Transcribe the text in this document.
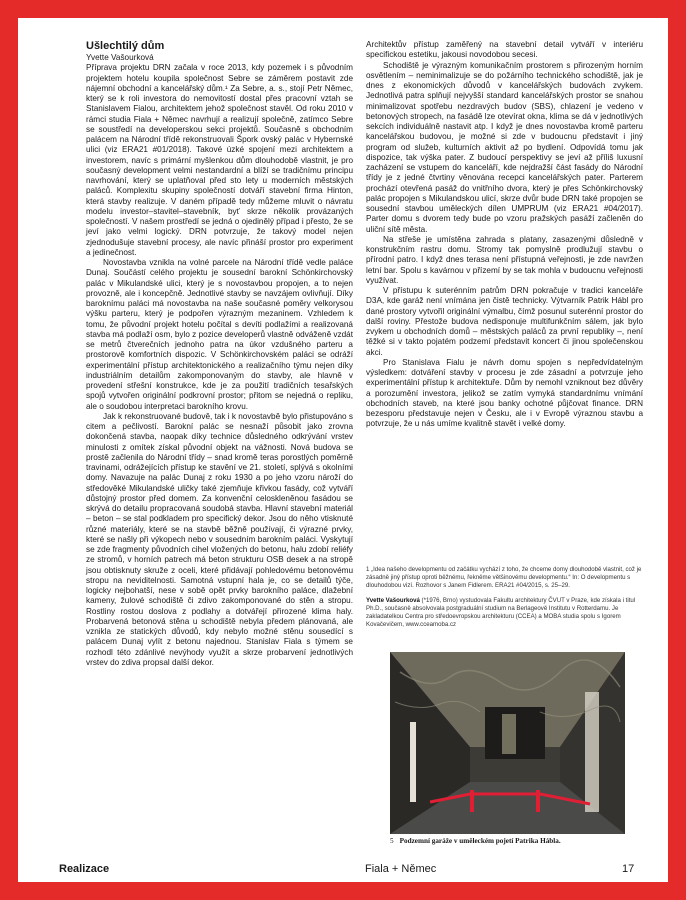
Ušlechtilý dům
Yvette Vašourková

Příprava projektu DRN začala v roce 2013, kdy pozemek i s původním projektem hotelu koupila společnost Sebre se záměrem postavit zde nájemní obchodní a kancelářský dům.¹ Za Sebre, a. s., stojí Petr Němec, který se k roli investora do nemovitostí dostal přes pracovní vztah se Stanislavem Fialou, architektem jehož společnost stavěl. Od roku 2010 v rámci studia Fiala + Němec navrhují a realizují společně, zatímco Sebre se soustředí na developerskou sekci projektů. Současně s obchodním palácem na Národní třídě rekonstruovali Špork ovský palác v Hybernské ulici (viz ERA21 #01/2018). Takové úzké spojení mezi architektem a investorem, navíc s primární myšlenkou dům dlouhodobě vlastnit, je pro současný development velmi nestandardní a blíží se tradičnímu principu navrhování, který se uplatňoval před sto lety u moderních městských paláců. Komplexitu skupiny společností dotváří stavební firma Hinton, která stavby realizuje. V daném případě tedy můžeme mluvit o návratu modelu investor–stavitel–stavebník, byť skrze několik provázaných společností. V našem prostředí se jedná o ojedinělý případ i přesto, že se jeví jako velmi logický. DRN potvrzuje, že takový model nejen zjednodušuje stavební procesy, ale navíc přináší prostor pro experiment a jedinečnost.

Novostavba vznikla na volné parcele na Národní třídě vedle paláce Dunaj. Součástí celého projektu je sousední barokní Schönkirchovský palác v Mikulandské ulici, který je s novostavbou propojen, a to nejen provozně, ale i koncepčně. Jednotlivé stavby se navzájem ovlivňují. Díky baroknímu paláci má novostavba na naše současné poměry velkorysou výšku parteru, který je podpořen výrazným mezaninem. Vzhledem k tomu, že původní projekt hotelu počítal s devíti podlažími a realizovaná stavba má podlaží osm, bylo z pozice developerů vlastně odváženě vzdát se metrů čtverečních jednoho patra na úkor vzdušného parteru a prostorově komfortních dispozic. V Schönkirchovském paláci se odráží experimentální přístup architektonického a realizačního týmu nejen díky industriálním detailům zakomponovaným do stavby, ale hlavně v provedení střešní konstrukce, kde je za použití tradičních tesařských spojů vytvořen originální podkrovní prostor; přitom se nejedná o repliku, ale o soudobou interpretaci barokního krovu.

Jak k rekonstruované budově, tak i k novostavbě bylo přistupováno s citem a pečlivostí. Barokní palác se nesnaží působit jako zrovna dokončená stavba, naopak díky technice důsledného odkrývání vrstev minulosti z omítek získal původní objekt na vážnosti. Nová budova se prostě začlenila do Národní třídy – snad kromě teras porostlých poměrně travinami, odrážejících přístup ke stavění ve 21. století, splývá s okolními domy. Navazuje na palác Dunaj z roku 1930 a po jeho vzoru nároží do středověké Mikulandské uličky také zjemňuje křivkou fasády, což vytváří důstojný prostor před domem. Za konvenční celoskleněnou fasádou se skrývá do detailu propracovaná soudobá stavba. Hlavní stavební materiál – beton – se stal podkladem pro specifický dekor. Jsou do něho vtisknuté různé materiály, které se na stavbě běžně používají, či výrazné prvky, které se našly při výkopech nebo v sousedním barokním paláci. Vyskytují se zde fragmenty původních cihel vložených do betonu, halu zdobí reliéfy ze stromů, v horních patrech má beton strukturu OSB desek a na stropě jsou obtisknuty skruže z oceli, které přidávají pohledovému betonovému stropu na neviditelnosti. Samotná vstupní hala je, co se detailů týče, logicky nejbohatší, nese v sobě opět prvky barokního paláce, dlažební kameny, žulové schodiště či zdivo zakomponované do stěn a stropu. Rostliny rostou doslova z podlahy a dotvářejí přirozené klima haly. Probarvená betonová stěna u schodiště nebyla předem plánovaná, ale vznikla ze statických důvodů, kdy nebylo možné stěnu sousedící s palácem Dunaj vylít z betonu najednou. Stanislav Fiala s týmem se rozhodl této zdánlivé nevýhody využít a skrze probarvení jednotlivých vrstev do zdiva propsal další dekor.

Architektův přístup zaměřený na stavební detail vytváří v interiéru specifickou estetiku, jakousi novodobou secesi.

Schodiště je výrazným komunikačním prostorem s přirozeným horním osvětlením – neminimalizuje se do požárního technického schodiště, jak je dnes z ekonomických důvodů v kancelářských budovách zvykem. Jednotlivá patra splňují nejvyšší standard kancelářských prostor se snahou minimalizovat spotřebu nezdravých budov (SBS), chlazení je vedeno v betonových stropech, na fasádě lze otevírat okna, klima se dá v jednotlivých sekcích individuálně nastavit atp. I když je dnes novostavba kromě parteru kancelářskou budovou, je možné si zde v budoucnu představit i jiný program od služeb, kulturních aktivit až po bydlení. Odpovídá tomu jak dispozice, tak výška pater. Z budoucí perspektivy se jeví až příliš luxusní zacházení se vstupem do kanceláří, kde nejdražší část fasády do Národní třídy je z jedné čtvrtiny věnována recepci kancelářských pater. Parterem prochází otevřená pasáž do vnitřního dvora, který je přes Schönkirchovský palác propojen s Mikulandskou ulicí, skrze dvůr bude DRN také propojen se sousední stavbou uměleckých dílen UMPRUM (viz ERA21 #04/2017). Parter domu s dvorem tedy bude po vzoru pražských pasáží začleněn do uliční sítě města.

Na střeše je umístěna zahrada s platany, zasazenými důsledně v konstrukčním rastru domu. Stromy tak pomyslně prodlužují stavbu o přírodní patro. I když dnes terasa není přístupná veřejnosti, je zde navržen letní bar. Spolu s kavárnou v přízemí by se tak mohla v budoucnu veřejnosti využívat.

V přístupu k suterénním patrům DRN pokračuje v tradici kanceláře D3A, kde garáž není vnímána jen čistě technicky. Výtvarník Patrik Hábl pro dané prostory vytvořil originální výmalbu, čímž posunul suterénní prostor do další roviny. Přestože budova nedisponuje multifunkčním sálem, jak bylo zvykem u obchodních domů – městských paláců za první republiky –, není těžké si v takto pojatém podzemí představit koncert či jinou společenskou akci.

Pro Stanislava Fialu je návrh domu spojen s nepředvídatelným výsledkem: dotváření stavby v procesu je zde zásadní a potvrzuje jeho experimentální přístup k architektuře. Dům by nemohl vzniknout bez důvěry a porozumění investora, jelikož se zatím vymyká standardnímu vnímání obchodních staveb, na které jsou banky ochotné půjčovat finance. DRN bezesporu představuje nejen v Česku, ale i v Evropě výraznou stavbu a potvrzuje, že u nás umíme kvalitně stavět i velké domy.

1 „Idea našeho developmentu od začátku vychází z toho, že chceme domy dlouhodobě vlastnit, což je zásadně jiný přístup oproti běžnému, řekněme většinovému developmentu.“ In: O developmentu s dlouhodobou vizí. Rozhovor s Janem Fidlerem. ERA21 #04/2015, s. 25–29.
Yvette Vašourková (*1976, Brno) vystudovala Fakultu architektury ČVUT v Praze, kde získala i titul Ph.D., současně absolvovala postgraduální studium na Berlageově Institutu v Rotterdamu. Je zakladatelkou Centra pro středoevropskou architekturu (CCEA) a MOBA studia spolu s Igorem Kovačevičem, www.cceamoba.cz
5 Podzemní garáže v uměleckém pojetí Patrika Hábla.
Realizace	Fiala + Němec	17
